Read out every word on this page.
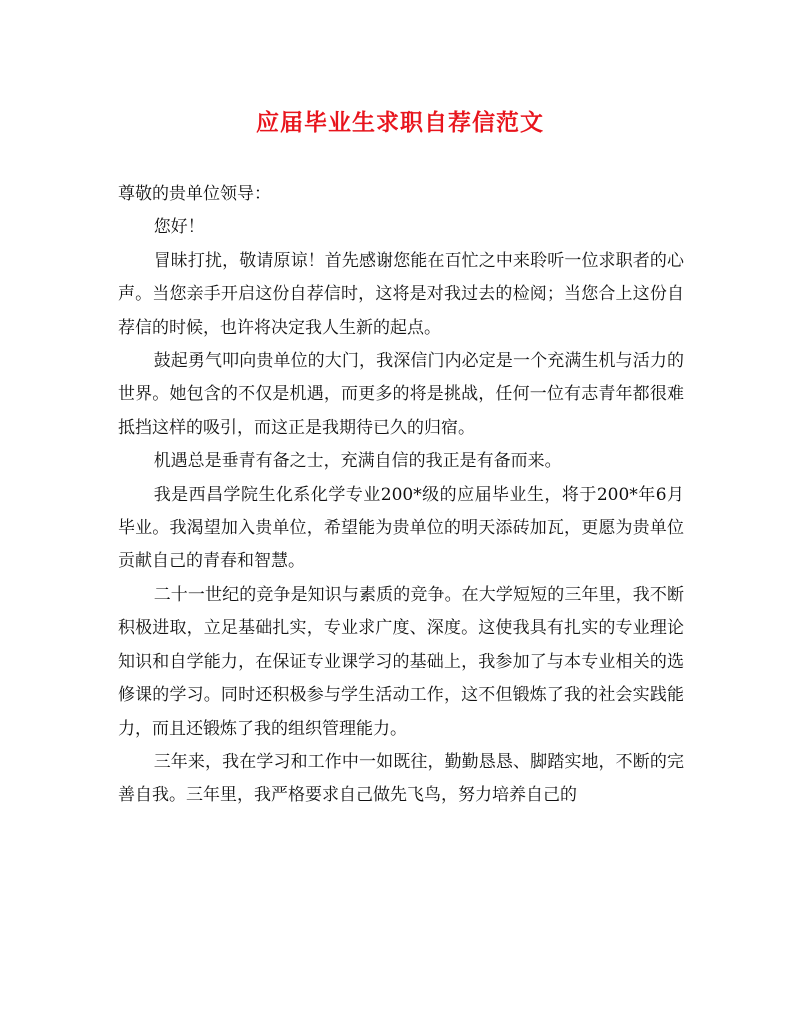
应届毕业生求职自荐信范文

尊敬的贵单位领导：

您好！

冒昧打扰，敬请原谅！首先感谢您能在百忙之中来聆听一位求职者的心声。当您亲手开启这份自荐信时，这将是对我过去的检阅；当您合上这份自荐信的时候，也许将决定我人生新的起点。

鼓起勇气叩向贵单位的大门，我深信门内必定是一个充满生机与活力的世界。她包含的不仅是机遇，而更多的将是挑战，任何一位有志青年都很难抵挡这样的吸引，而这正是我期待已久的归宿。

机遇总是垂青有备之士，充满自信的我正是有备而来。

我是西昌学院生化系化学专业200*级的应届毕业生，将于200*年6月毕业。我渴望加入贵单位，希望能为贵单位的明天添砖加瓦，更愿为贵单位贡献自己的青春和智慧。

二十一世纪的竞争是知识与素质的竞争。在大学短短的三年里，我不断积极进取，立足基础扎实，专业求广度、深度。这使我具有扎实的专业理论知识和自学能力，在保证专业课学习的基础上，我参加了与本专业相关的选修课的学习。同时还积极参与学生活动工作，这不但锻炼了我的社会实践能力，而且还锻炼了我的组织管理能力。

三年来，我在学习和工作中一如既往，勤勤恳恳、脚踏实地，不断的完善自我。三年里，我严格要求自己做先飞鸟，努力培养自己的
